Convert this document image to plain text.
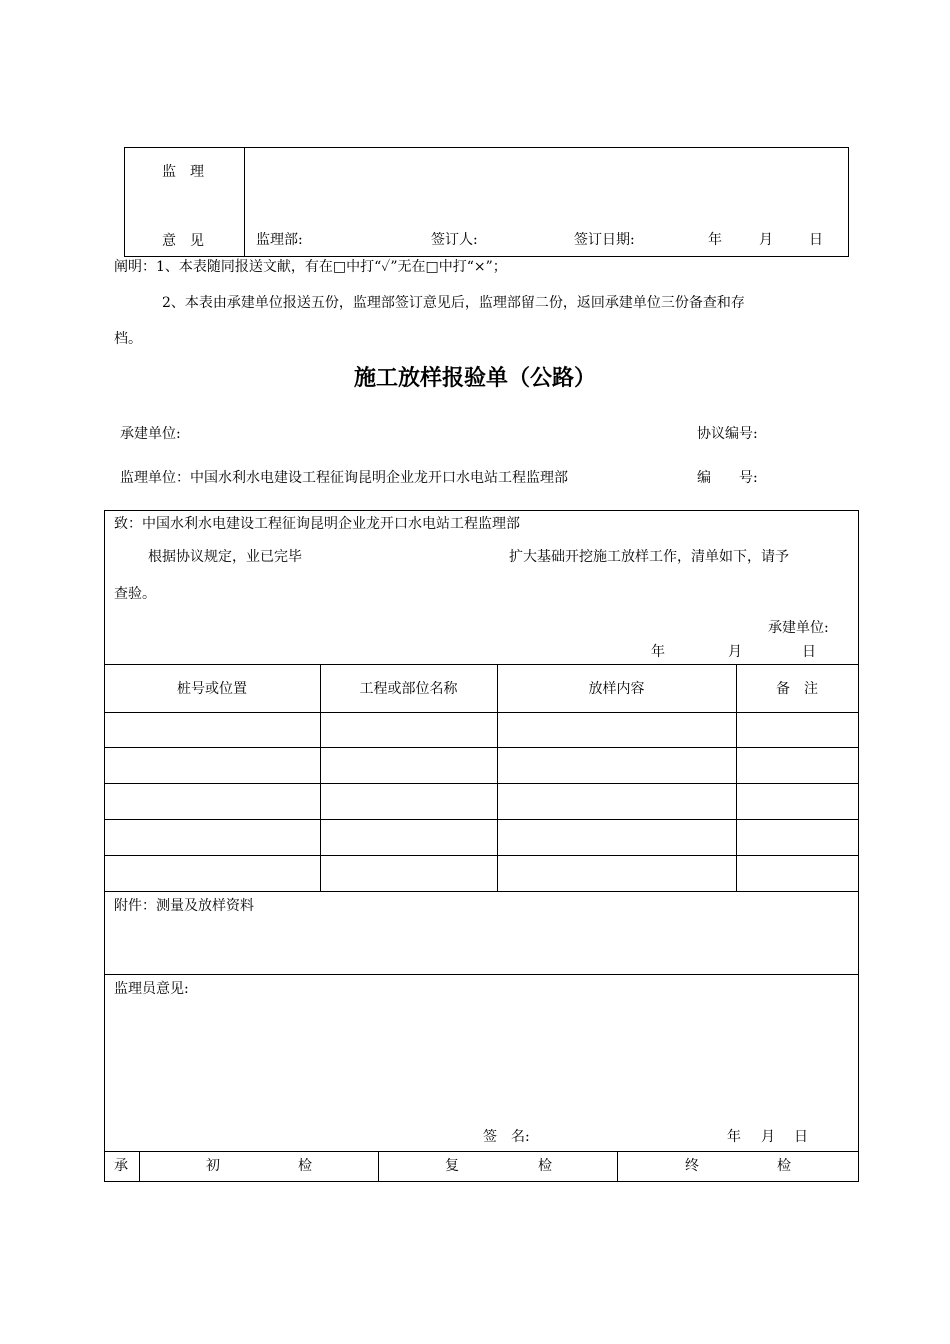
监　理
意　见	监理部:	签订人:	签订日期:	年	月	日
阐明：1、本表随同报送文献，有在□中打“✓”无在□中打“×”；
2、本表由承建单位报送五份，监理部签订意见后，监理部留二份，返回承建单位三份备查和存
档。
施工放样报验单（公路）
承建单位:	协议编号:
监理单位：中国水利水电建设工程征询昆明企业龙开口水电站工程监理部	编　　号:
致：中国水利水电建设工程征询昆明企业龙开口水电站工程监理部
根据协议规定，业已完毕	扩大基础开挖施工放样工作，清单如下，请予
查验。
承建单位:
年	月	日
桩号或位置	工程或部位名称	放样内容	备　注
附件：测量及放样资料
监理员意见:
签　名:	年 月 日
承	初	检	复	检	终	检
